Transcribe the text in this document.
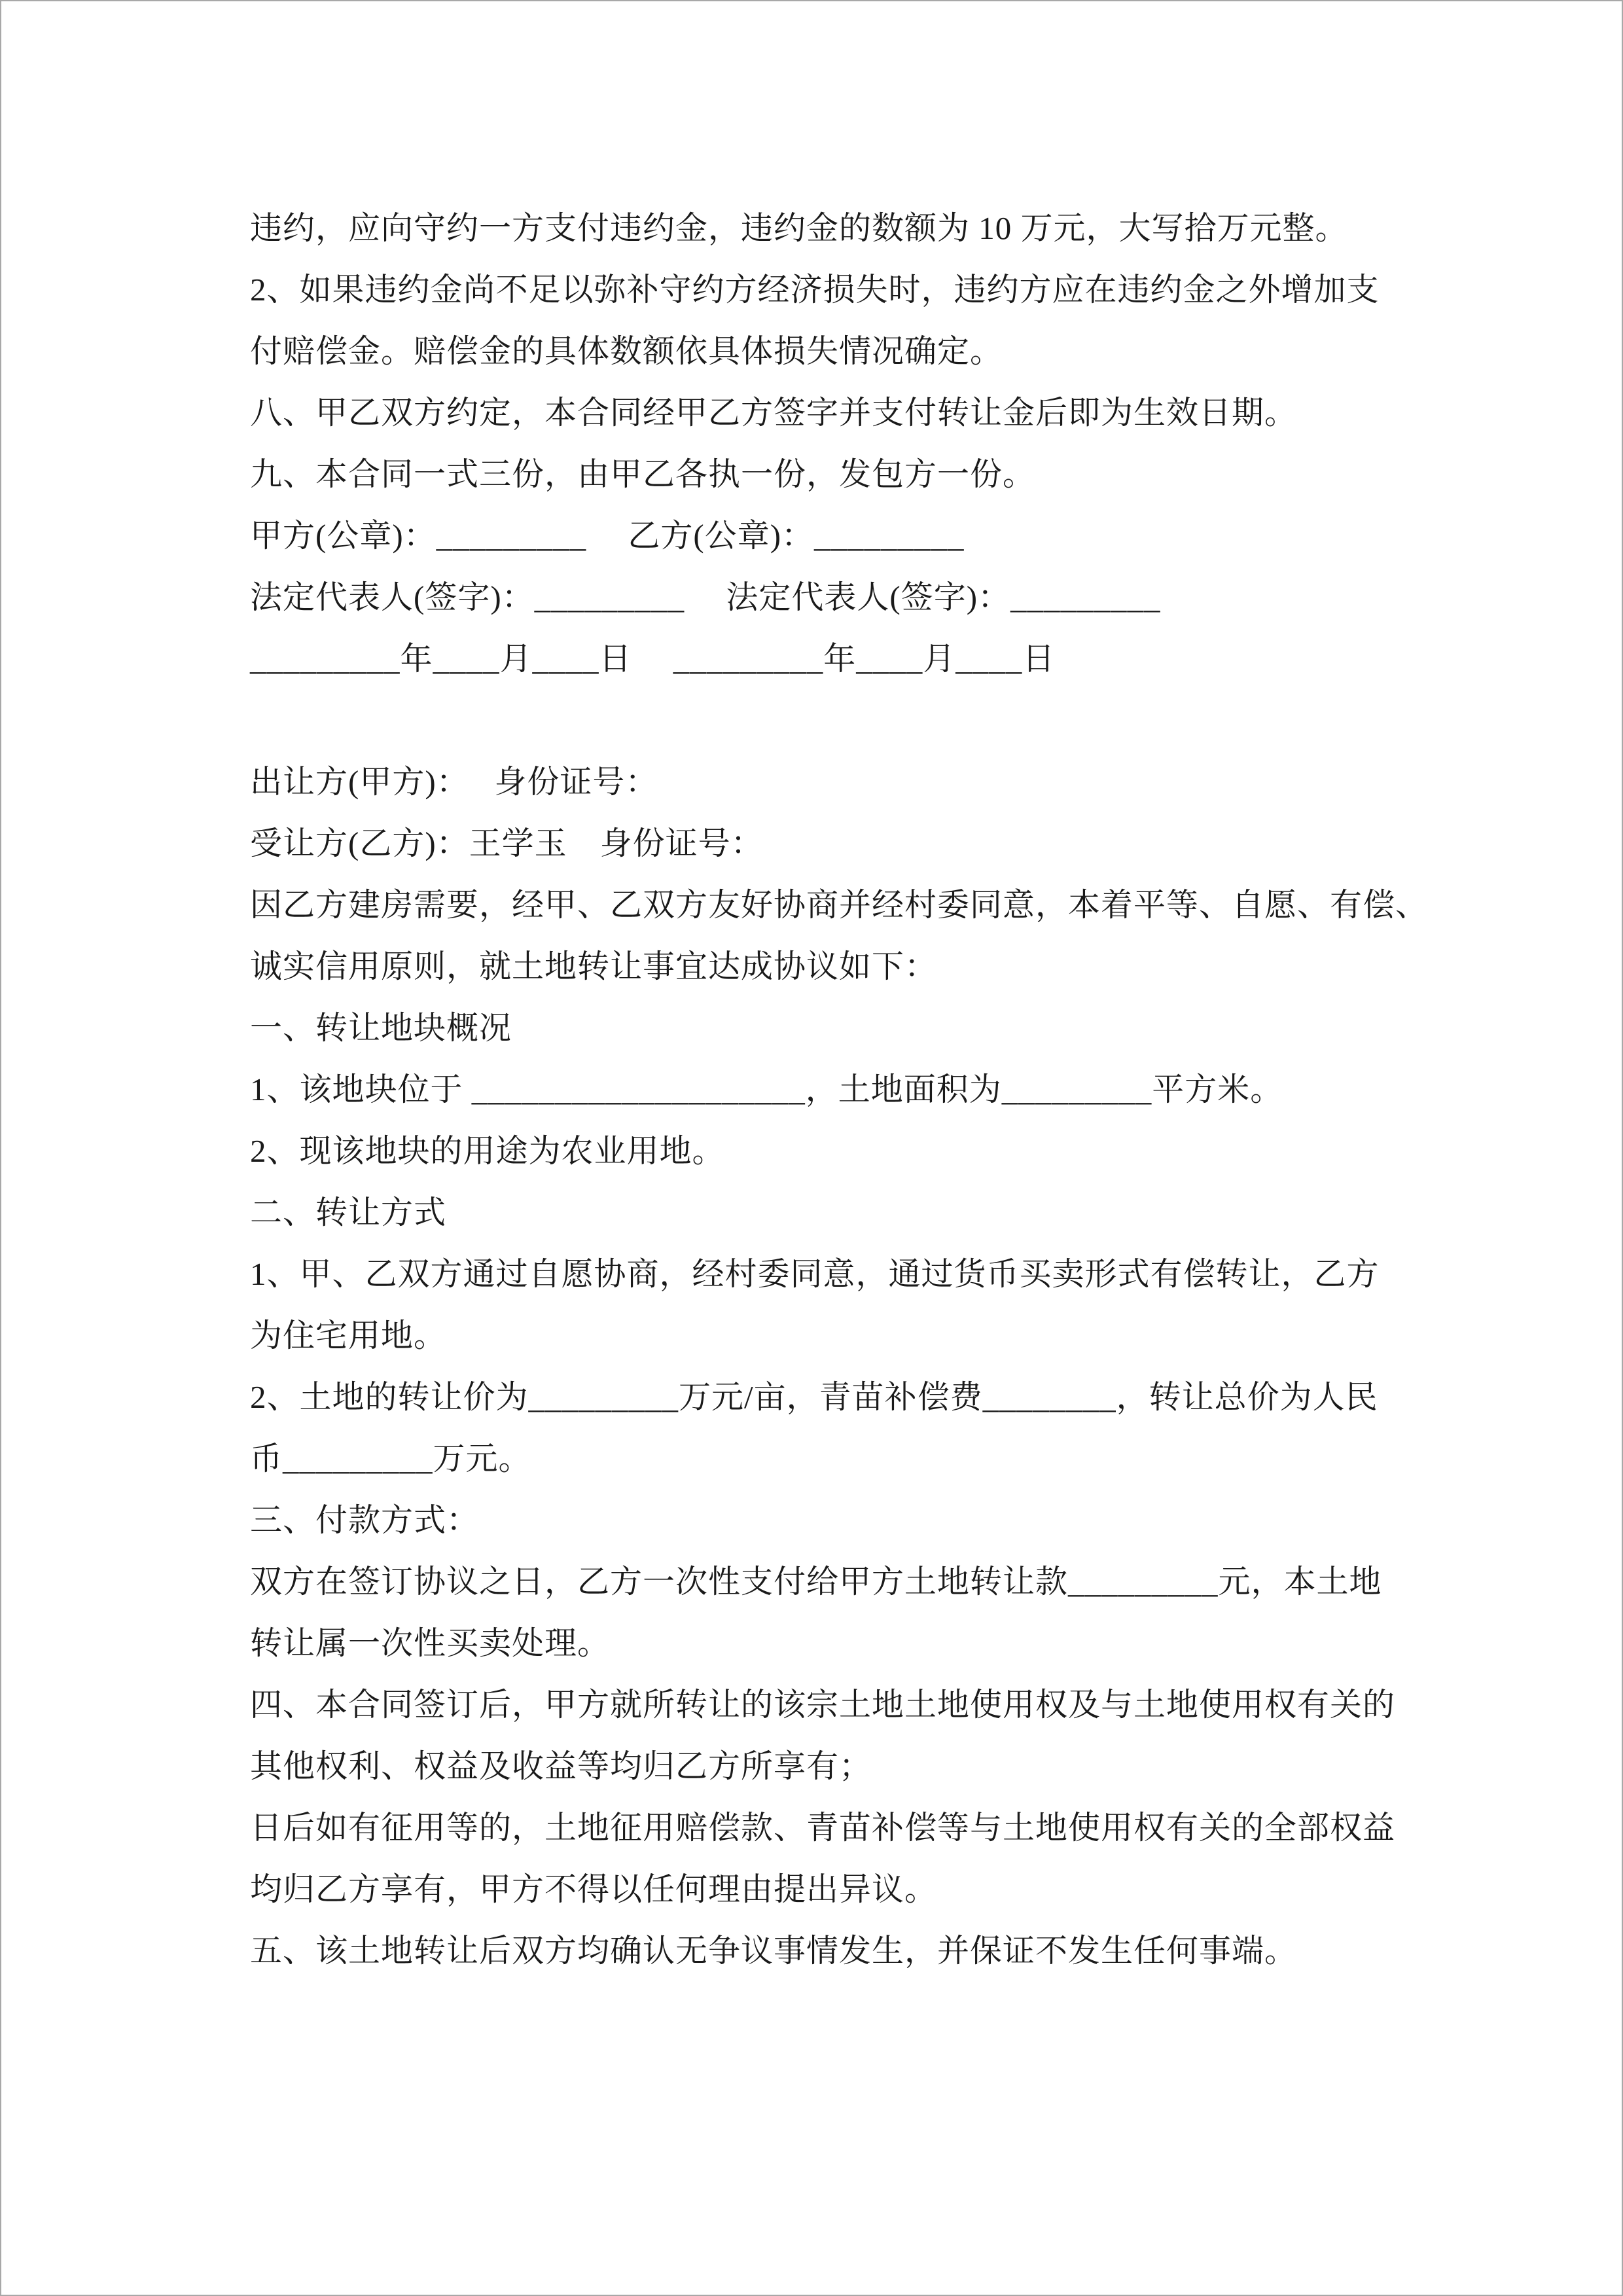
违约，应向守约一方支付违约金，违约金的数额为 10 万元，大写拾万元整。
2、如果违约金尚不足以弥补守约方经济损失时，违约方应在违约金之外增加支
付赔偿金。赔偿金的具体数额依具体损失情况确定。
八、甲乙双方约定，本合同经甲乙方签字并支付转让金后即为生效日期。
九、本合同一式三份，由甲乙各执一份，发包方一份。
甲方(公章)：_________　 乙方(公章)：_________
法定代表人(签字)：_________　 法定代表人(签字)：_________
_________年____月____日　 _________年____月____日
出让方(甲方)：　 身份证号：
受让方(乙方)：王学玉　身份证号：
因乙方建房需要，经甲、乙双方友好协商并经村委同意，本着平等、自愿、有偿、
诚实信用原则，就土地转让事宜达成协议如下：
一、转让地块概况
1、该地块位于 ____________________，土地面积为_________平方米。
2、现该地块的用途为农业用地。
二、转让方式
1、甲、乙双方通过自愿协商，经村委同意，通过货币买卖形式有偿转让，乙方
为住宅用地。
2、土地的转让价为_________万元/亩，青苗补偿费________，转让总价为人民
币_________万元。
三、付款方式：
双方在签订协议之日，乙方一次性支付给甲方土地转让款_________元，本土地
转让属一次性买卖处理。
四、本合同签订后，甲方就所转让的该宗土地土地使用权及与土地使用权有关的
其他权利、权益及收益等均归乙方所享有；
日后如有征用等的，土地征用赔偿款、青苗补偿等与土地使用权有关的全部权益
均归乙方享有，甲方不得以任何理由提出异议。
五、该土地转让后双方均确认无争议事情发生，并保证不发生任何事端。
